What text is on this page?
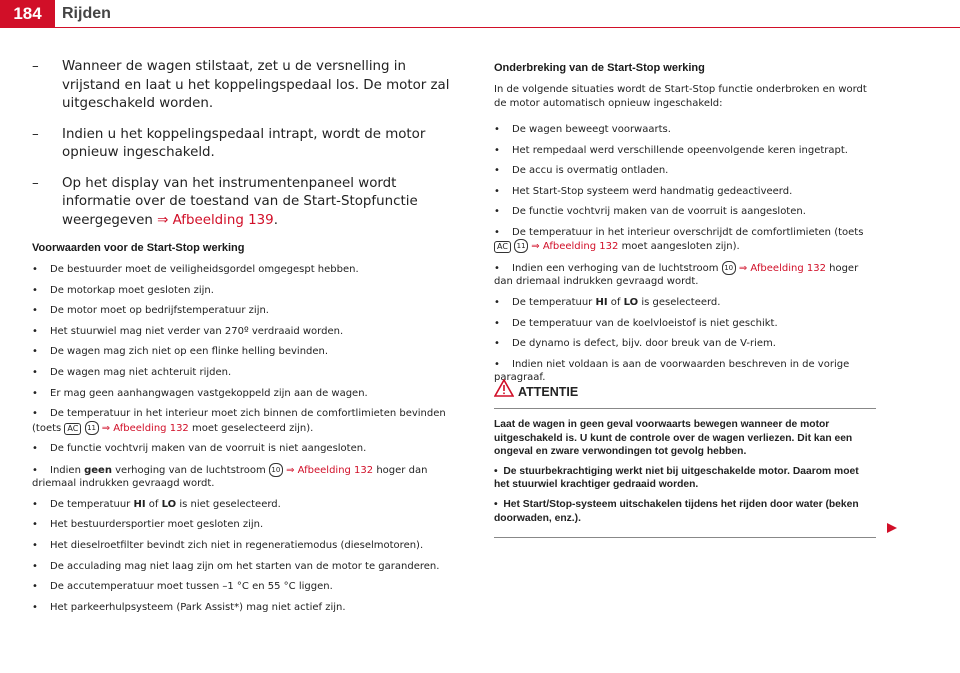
184	Rijden
– Wanneer de wagen stilstaat, zet u de versnelling in vrijstand en laat u het koppelingspedaal los. De motor zal uitgeschakeld worden.
– Indien u het koppelingspedaal intrapt, wordt de motor opnieuw ingeschakeld.
– Op het display van het instrumentenpaneel wordt informatie over de toestand van de Start-Stopfunctie weergegeven ⇒ Afbeelding 139.
Voorwaarden voor de Start-Stop werking
• De bestuurder moet de veiligheidsgordel omgegespt hebben.
• De motorkap moet gesloten zijn.
• De motor moet op bedrijfstemperatuur zijn.
• Het stuurwiel mag niet verder van 270º verdraaid worden.
• De wagen mag zich niet op een flinke helling bevinden.
• De wagen mag niet achteruit rijden.
• Er mag geen aanhangwagen vastgekoppeld zijn aan de wagen.
• De temperatuur in het interieur moet zich binnen de comfortlimieten bevinden (toets AC 11 ⇒ Afbeelding 132 moet geselecteerd zijn).
• De functie vochtvrij maken van de voorruit is niet aangesloten.
• Indien geen verhoging van de luchtstroom 10 ⇒ Afbeelding 132 hoger dan driemaal indrukken gevraagd wordt.
• De temperatuur HI of LO is niet geselecteerd.
• Het bestuurdersportier moet gesloten zijn.
• Het dieselroetfilter bevindt zich niet in regeneratiemodus (dieselmotoren).
• De acculading mag niet laag zijn om het starten van de motor te garanderen.
• De accutemperatuur moet tussen –1 °C en 55 °C liggen.
• Het parkeerhulpsysteem (Park Assist*) mag niet actief zijn.
Onderbreking van de Start-Stop werking
In de volgende situaties wordt de Start-Stop functie onderbroken en wordt de motor automatisch opnieuw ingeschakeld:
• De wagen beweegt voorwaarts.
• Het rempedaal werd verschillende opeenvolgende keren ingetrapt.
• De accu is overmatig ontladen.
• Het Start-Stop systeem werd handmatig gedeactiveerd.
• De functie vochtvrij maken van de voorruit is aangesloten.
• De temperatuur in het interieur overschrijdt de comfortlimieten (toets AC 11 ⇒ Afbeelding 132 moet aangesloten zijn).
• Indien een verhoging van de luchtstroom 10 ⇒ Afbeelding 132 hoger dan driemaal indrukken gevraagd wordt.
• De temperatuur HI of LO is geselecteerd.
• De temperatuur van de koelvloeistof is niet geschikt.
• De dynamo is defect, bijv. door breuk van de V-riem.
• Indien niet voldaan is aan de voorwaarden beschreven in de vorige paragraaf.
ATTENTIE

Laat de wagen in geen geval voorwaarts bewegen wanneer de motor uitgeschakeld is. U kunt de controle over de wagen verliezen. Dit kan een ongeval en zware verwondingen tot gevolg hebben.

•  De stuurbekrachtiging werkt niet bij uitgeschakelde motor. Daarom moet het stuurwiel krachtiger gedraaid worden.

•  Het Start/Stop-systeem uitschakelen tijdens het rijden door water (beken doorwaden, enz.).
